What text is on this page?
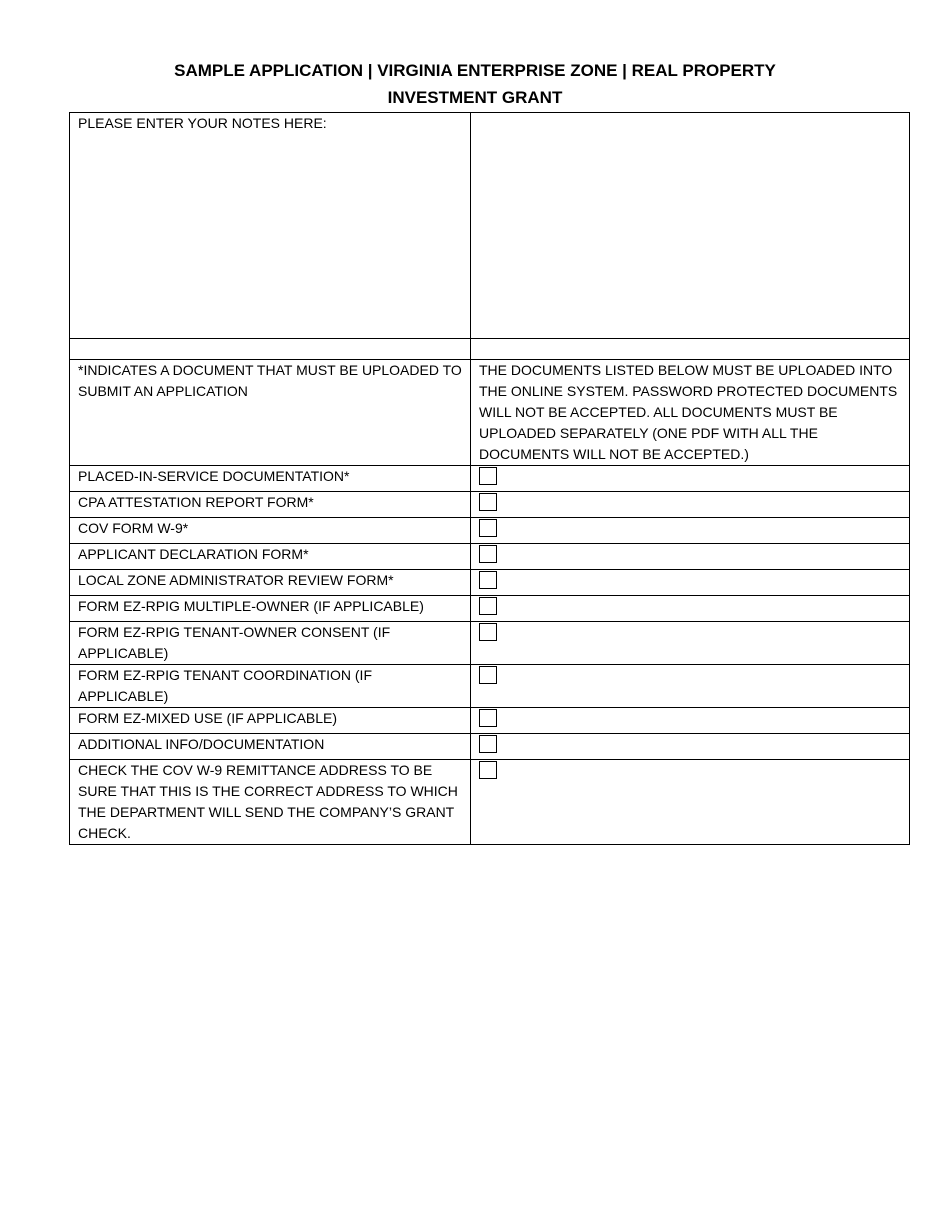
SAMPLE APPLICATION | VIRGINIA ENTERPRISE ZONE | REAL PROPERTY
INVESTMENT GRANT
PLEASE ENTER YOUR NOTES HERE:	

*INDICATES A DOCUMENT THAT MUST BE UPLOADED TO SUBMIT AN APPLICATION	THE DOCUMENTS LISTED BELOW MUST BE UPLOADED INTO THE ONLINE SYSTEM. PASSWORD PROTECTED DOCUMENTS WILL NOT BE ACCEPTED. ALL DOCUMENTS MUST BE UPLOADED SEPARATELY (ONE PDF WITH ALL THE DOCUMENTS WILL NOT BE ACCEPTED.)
PLACED-IN-SERVICE DOCUMENTATION*	
CPA ATTESTATION REPORT FORM*	
COV FORM W-9*	
APPLICANT DECLARATION FORM*	
LOCAL ZONE ADMINISTRATOR REVIEW FORM*	
FORM EZ-RPIG MULTIPLE-OWNER (IF APPLICABLE)	
FORM EZ-RPIG TENANT-OWNER CONSENT (IF APPLICABLE)	
FORM EZ-RPIG TENANT COORDINATION (IF APPLICABLE)	
FORM EZ-MIXED USE (IF APPLICABLE)	
ADDITIONAL INFO/DOCUMENTATION	
CHECK THE COV W-9 REMITTANCE ADDRESS TO BE SURE THAT THIS IS THE CORRECT ADDRESS TO WHICH THE DEPARTMENT WILL SEND THE COMPANY’S GRANT CHECK.	
